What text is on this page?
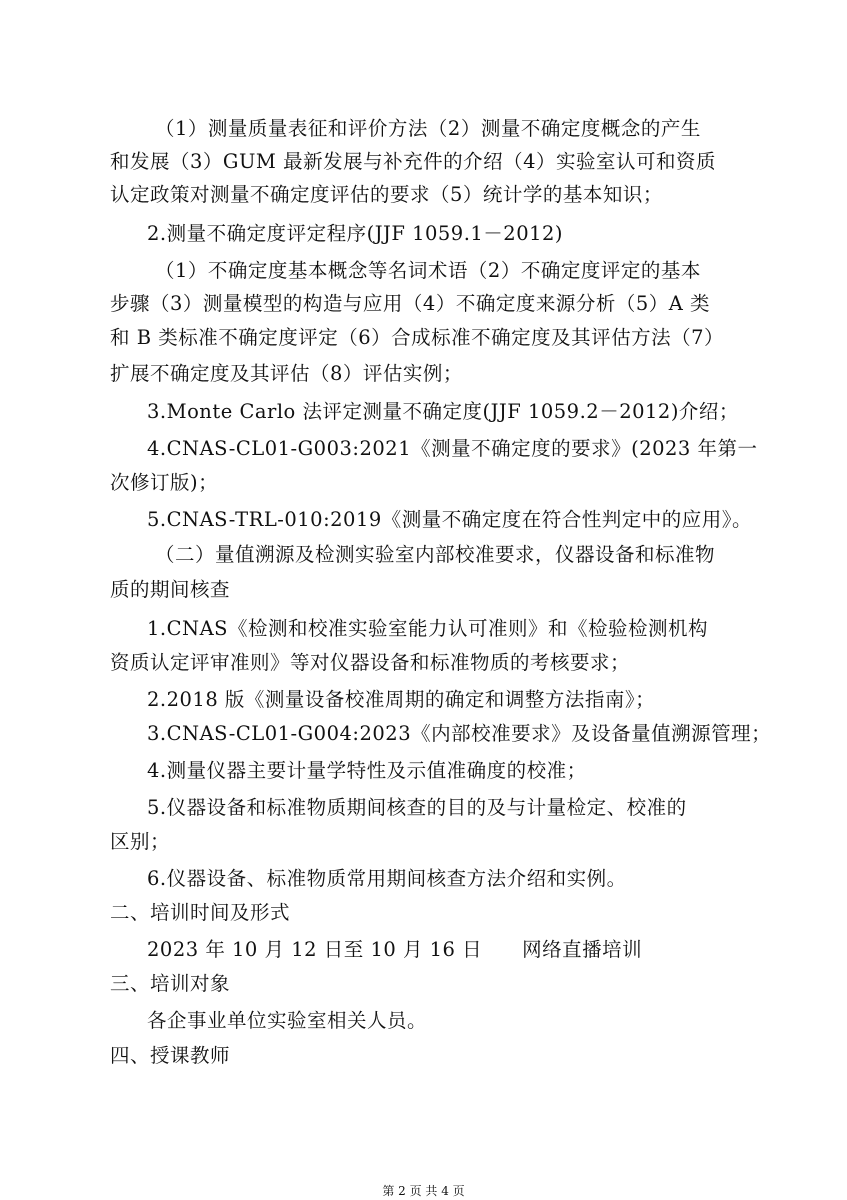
（1）测量质量表征和评价方法（2）测量不确定度概念的产生
和发展（3）GUM 最新发展与补充件的介绍（4）实验室认可和资质
认定政策对测量不确定度评估的要求（5）统计学的基本知识；
2.测量不确定度评定程序(JJF 1059.1－2012)
（1）不确定度基本概念等名词术语（2）不确定度评定的基本
步骤（3）测量模型的构造与应用（4）不确定度来源分析（5）A 类
和 B 类标准不确定度评定（6）合成标准不确定度及其评估方法（7）
扩展不确定度及其评估（8）评估实例；
3.Monte Carlo 法评定测量不确定度(JJF 1059.2－2012)介绍；
4.CNAS-CL01-G003:2021《测量不确定度的要求》(2023 年第一
次修订版)；
5.CNAS-TRL-010:2019《测量不确定度在符合性判定中的应用》。
（二）量值溯源及检测实验室内部校准要求，仪器设备和标准物
质的期间核查
1.CNAS《检测和校准实验室能力认可准则》和《检验检测机构
资质认定评审准则》等对仪器设备和标准物质的考核要求；
2.2018 版《测量设备校准周期的确定和调整方法指南》；
3.CNAS-CL01-G004:2023《内部校准要求》及设备量值溯源管理；
4.测量仪器主要计量学特性及示值准确度的校准；
5.仪器设备和标准物质期间核查的目的及与计量检定、校准的
区别；
6.仪器设备、标准物质常用期间核查方法介绍和实例。
二、培训时间及形式
2023 年 10 月 12 日至 10 月 16 日　　网络直播培训
三、培训对象
各企事业单位实验室相关人员。
四、授课教师
第 2 页 共 4 页
